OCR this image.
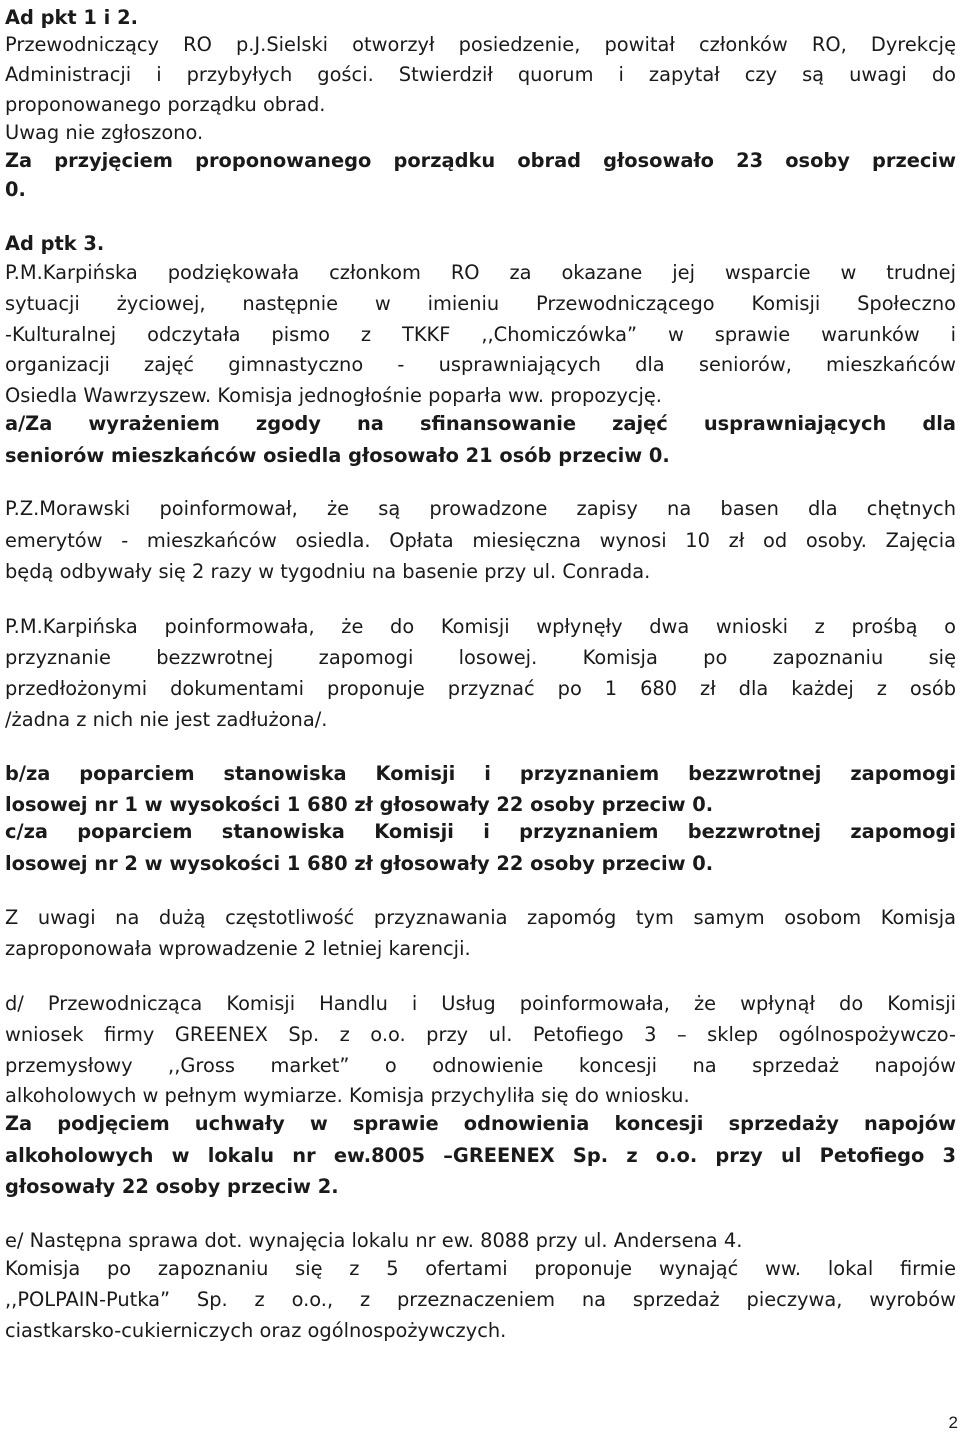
Ad pkt 1 i 2.
Przewodniczący RO p.J.Sielski otworzył posiedzenie, powitał członków RO, Dyrekcję
Administracji i przybyłych gości. Stwierdził quorum i zapytał czy są uwagi do
proponowanego porządku obrad.
Uwag nie zgłoszono.
Za przyjęciem proponowanego porządku obrad głosowało 23 osoby przeciw
0.
Ad ptk 3.
P.M.Karpińska podziękowała członkom RO za okazane jej wsparcie w trudnej
sytuacji życiowej, następnie w imieniu Przewodniczącego Komisji Społeczno
-Kulturalnej odczytała pismo z TKKF ,,Chomiczówka” w sprawie warunków i
organizacji zajęć gimnastyczno - usprawniających dla seniorów, mieszkańców
Osiedla Wawrzyszew. Komisja jednogłośnie poparła ww. propozycję.
a/Za wyrażeniem zgody na sfinansowanie zajęć usprawniających dla
seniorów mieszkańców osiedla głosowało 21 osób przeciw 0.
P.Z.Morawski poinformował, że są prowadzone zapisy na basen dla chętnych
emerytów - mieszkańców osiedla. Opłata miesięczna wynosi 10 zł od osoby. Zajęcia
będą odbywały się 2 razy w tygodniu na basenie przy ul. Conrada.
P.M.Karpińska poinformowała, że do Komisji wpłynęły dwa wnioski z prośbą o
przyznanie bezzwrotnej zapomogi losowej. Komisja po zapoznaniu się
przedłożonymi dokumentami proponuje przyznać po 1 680 zł dla każdej z osób
/żadna z nich nie jest zadłużona/.
b/za poparciem stanowiska Komisji i przyznaniem bezzwrotnej zapomogi
losowej nr 1 w wysokości 1 680 zł głosowały 22 osoby przeciw 0.
c/za poparciem stanowiska Komisji i przyznaniem bezzwrotnej zapomogi
losowej nr 2 w wysokości 1 680 zł głosowały 22 osoby przeciw 0.
Z uwagi na dużą częstotliwość przyznawania zapomóg tym samym osobom Komisja
zaproponowała wprowadzenie 2 letniej karencji.
d/ Przewodnicząca Komisji Handlu i Usług poinformowała, że wpłynął do Komisji
wniosek firmy GREENEX Sp. z o.o. przy ul. Petofiego 3 – sklep ogólnospożywczo-
przemysłowy ,,Gross market” o odnowienie koncesji na sprzedaż napojów
alkoholowych w pełnym wymiarze. Komisja przychyliła się do wniosku.
Za podjęciem uchwały w sprawie odnowienia koncesji sprzedaży napojów
alkoholowych w lokalu nr ew.8005 –GREENEX Sp. z o.o. przy ul Petofiego 3
głosowały 22 osoby przeciw 2.
e/ Następna sprawa dot. wynajęcia lokalu nr ew. 8088 przy ul. Andersena 4.
Komisja po zapoznaniu się z 5 ofertami proponuje wynająć ww. lokal firmie
,,POLPAIN-Putka” Sp. z o.o., z przeznaczeniem na sprzedaż pieczywa, wyrobów
ciastkarsko-cukierniczych oraz ogólnospożywczych.
2
